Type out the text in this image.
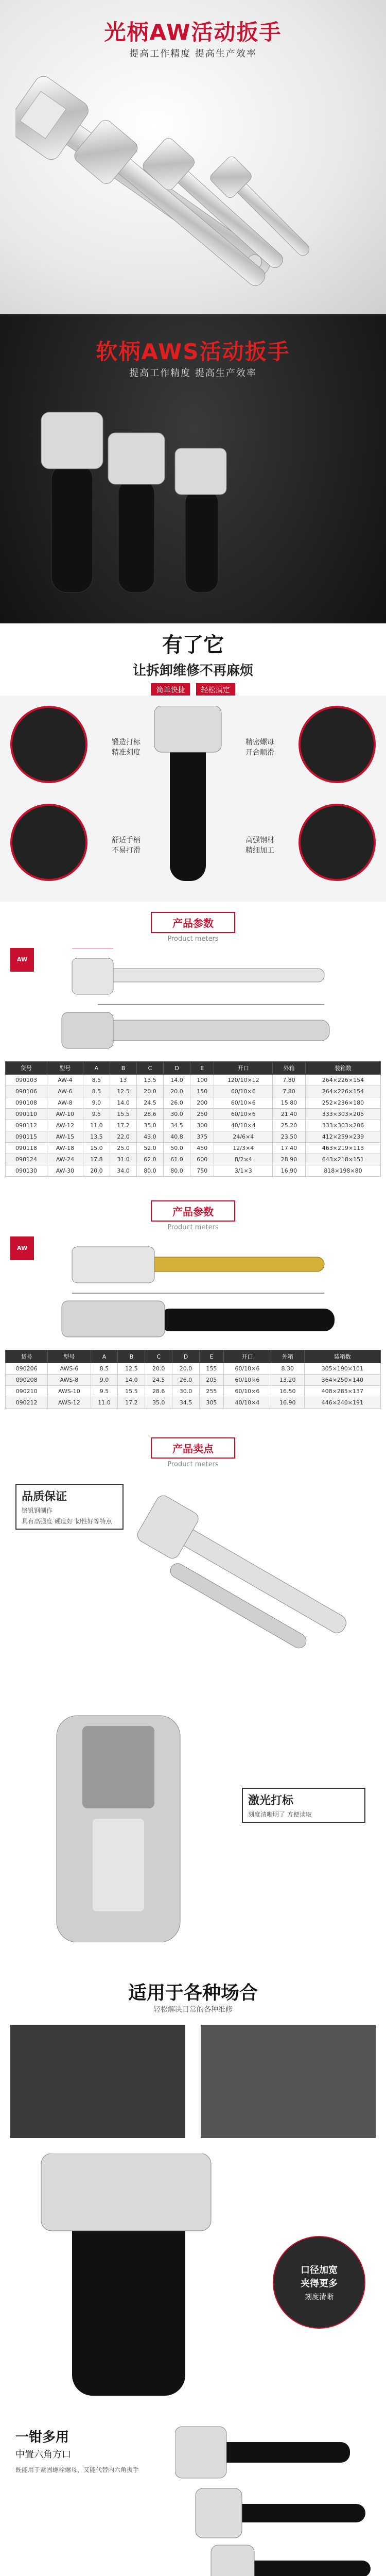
光柄AW活动扳手
提高工作精度 提高生产效率
软柄AWS活动扳手
提高工作精度 提高生产效率
有了它
让拆卸维修不再麻烦
简单快捷 轻松搞定
锻造打标
精准刻度
舒适手柄
不易打滑
精密螺母
开合顺滑
高强钢材
精细加工
产品参数
Product meters
AW
货号	型号	A	B	C	D	E	开口	外箱	装箱数
090103	AW-4	8.5	13	13.5	14.0	100	120/10×12	7.80	264×226×154
090106	AW-6	8.5	12.5	20.0	20.0	150	60/10×6	7.80	264×226×154
090108	AW-8	9.0	14.0	24.5	26.0	200	60/10×6	15.80	252×236×180
090110	AW-10	9.5	15.5	28.6	30.0	250	60/10×6	21.40	333×303×205
090112	AW-12	11.0	17.2	35.0	34.5	300	40/10×4	25.20	333×303×206
090115	AW-15	13.5	22.0	43.0	40.8	375	24/6×4	23.50	412×259×239
090118	AW-18	15.0	25.0	52.0	50.0	450	12/3×4	17.40	463×219×113
090124	AW-24	17.8	31.0	62.0	61.0	600	8/2×4	28.90	643×218×151
090130	AW-30	20.0	34.0	80.0	80.0	750	3/1×3	16.90	818×198×80
产品参数
Product meters
AW
货号	型号	A	B	C	D	E	开口	外箱	装箱数
090206	AWS-6	8.5	12.5	20.0	20.0	155	60/10×6	8.30	305×190×101
090208	AWS-8	9.0	14.0	24.5	26.0	205	60/10×6	13.20	364×250×140
090210	AWS-10	9.5	15.5	28.6	30.0	255	60/10×6	16.50	408×285×137
090212	AWS-12	11.0	17.2	35.0	34.5	305	40/10×4	16.90	446×240×191
产品卖点
Product meters
品质保证
铬钒钢制作
具有高强度 硬度好 韧性好等特点
激光打标
刻度清晰明了 方便读取
适用于各种场合
轻松解决日常的各种维修
口径加宽
夹得更多
刻度清晰
一钳多用
中置六角方口
既能用于紧固螺栓螺母，又能代替内六角扳手
